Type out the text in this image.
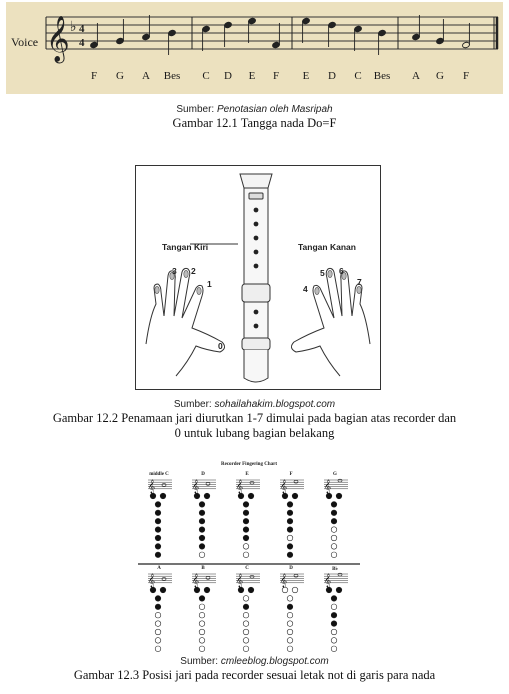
𝄞 ♭ 4
4
Voice
F	G	A	Bes	C	D	E	F	E	D	C	Bes	A	G	F
Sumber: Penotasian oleh Masripah
Gambar 12.1 Tangga nada Do=F
Tangan Kiri	Tangan Kanan
3 2
1
0
4
5 6
7
Sumber: sohailahakim.blogspot.com
Gambar 12.2 Penamaan jari diurutkan 1-7 dimulai pada bagian atas recorder dan
0 untuk lubang bagian belakang
Recorder Fingering Chart
𝄞	𝄞	𝄞	𝄞	𝄞
𝄞	𝄞	𝄞	𝄞	𝄞
middle C	D	E	F	G
A	B	C	D	B♭
Sumber: cmleeblog.blogspot.com
Gambar 12.3 Posisi jari pada recorder sesuai letak not di garis para nada
